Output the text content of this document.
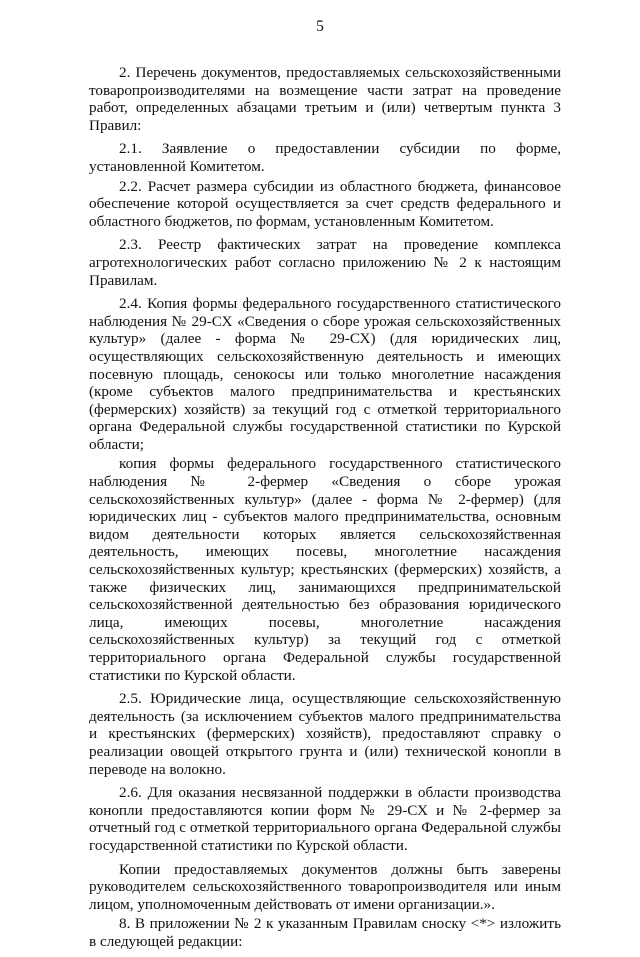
5

2. Перечень документов, предоставляемых сельскохозяйственными товаропроизводителями на возмещение части затрат на проведение работ, определенных абзацами третьим и (или) четвертым пункта 3 Правил:

2.1. Заявление о предоставлении субсидии по форме, установленной Комитетом.

2.2. Расчет размера субсидии из областного бюджета, финансовое обеспечение которой осуществляется за счет средств федерального и областного бюджетов, по формам, установленным Комитетом.

2.3. Реестр фактических затрат на проведение комплекса агротехнологических работ согласно приложению № 2 к настоящим Правилам.

2.4. Копия формы федерального государственного статистического наблюдения № 29-СХ «Сведения о сборе урожая сельскохозяйственных культур» (далее - форма № 29-СХ) (для юридических лиц, осуществляющих сельскохозяйственную деятельность и имеющих посевную площадь, сенокосы или только многолетние насаждения (кроме субъектов малого предпринимательства и крестьянских (фермерских) хозяйств) за текущий год с отметкой территориального органа Федеральной службы государственной статистики по Курской области;

копия формы федерального государственного статистического наблюдения № 2-фермер «Сведения о сборе урожая сельскохозяйственных культур» (далее - форма № 2-фермер) (для юридических лиц - субъектов малого предпринимательства, основным видом деятельности которых является сельскохозяйственная деятельность, имеющих посевы, многолетние насаждения сельскохозяйственных культур; крестьянских (фермерских) хозяйств, а также физических лиц, занимающихся предпринимательской сельскохозяйственной деятельностью без образования юридического лица, имеющих посевы, многолетние насаждения сельскохозяйственных культур) за текущий год с отметкой территориального органа Федеральной службы государственной статистики по Курской области.

2.5. Юридические лица, осуществляющие сельскохозяйственную деятельность (за исключением субъектов малого предпринимательства и крестьянских (фермерских) хозяйств), предоставляют справку о реализации овощей открытого грунта и (или) технической конопли в переводе на волокно.

2.6. Для оказания несвязанной поддержки в области производства конопли предоставляются копии форм № 29-СХ и № 2-фермер за отчетный год с отметкой территориального органа Федеральной службы государственной статистики по Курской области.

Копии предоставляемых документов должны быть заверены руководителем сельскохозяйственного товаропроизводителя или иным лицом, уполномоченным действовать от имени организации.».

8. В приложении № 2 к указанным Правилам сноску <*> изложить в следующей редакции:
